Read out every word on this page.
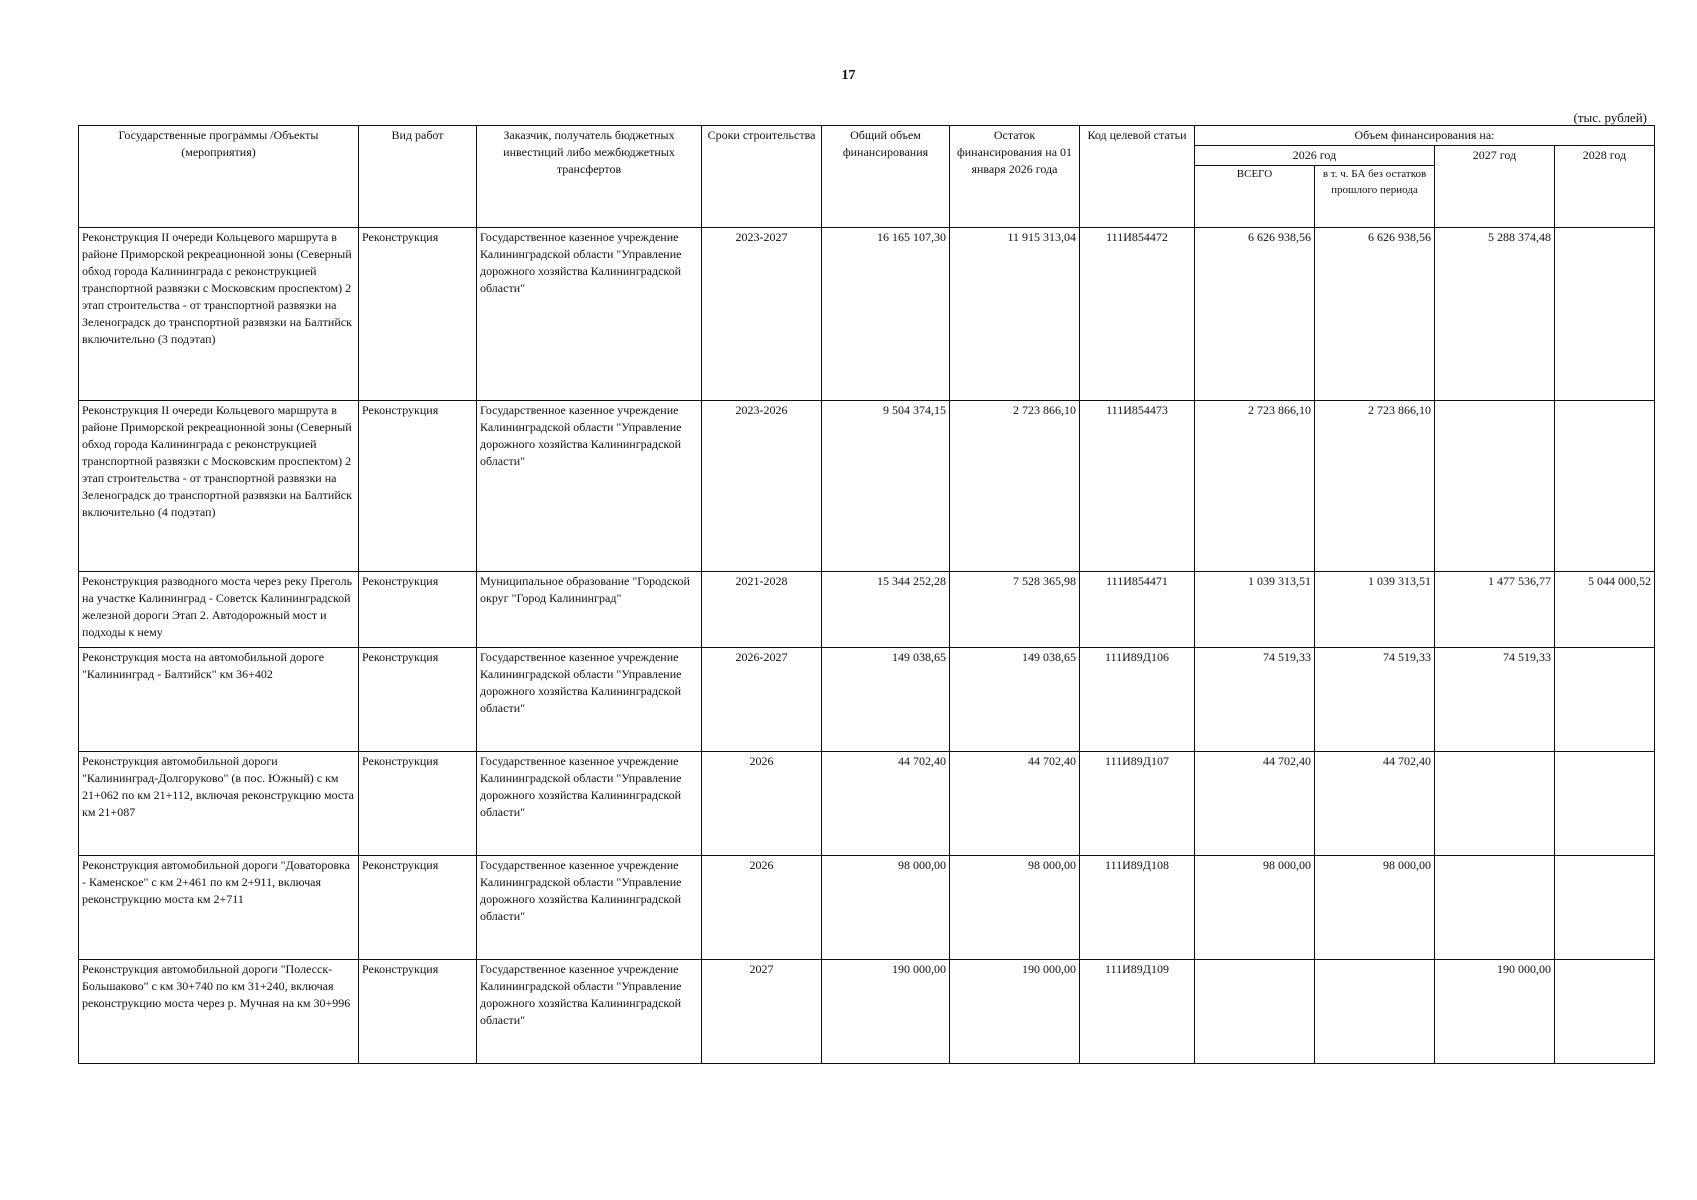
17
(тыс. рублей)
Государственные программы /Объекты (мероприятия)	Вид работ	Заказчик, получатель бюджетных инвестиций либо межбюджетных трансфертов	Сроки строительства	Общий объем финансирования	Остаток финансирования на 01 января 2026 года	Код целевой статьи	Объем финансирования на:			
							2026 год		2027 год	2028 год
							ВСЕГО	в т. ч. БА без остатков прошлого периода		
Реконструкция II очереди Кольцевого маршрута в районе Приморской рекреационной зоны (Северный обход города Калининграда с реконструкцией транспортной развязки с Московским проспектом) 2 этап строительства - от транспортной развязки на Зеленоградск до транспортной развязки на Балтийск включительно (3 подэтап)	Реконструкция	Государственное казенное учреждение Калининградской области "Управление дорожного хозяйства Калининградской области"	2023-2027	16 165 107,30	11 915 313,04	111И854472	6 626 938,56	6 626 938,56	5 288 374,48	
Реконструкция II очереди Кольцевого маршрута в районе Приморской рекреационной зоны (Северный обход города Калининграда с реконструкцией транспортной развязки с Московским проспектом) 2 этап строительства - от транспортной развязки на Зеленоградск до транспортной развязки на Балтийск включительно (4 подэтап)	Реконструкция	Государственное казенное учреждение Калининградской области "Управление дорожного хозяйства Калининградской области"	2023-2026	9 504 374,15	2 723 866,10	111И854473	2 723 866,10	2 723 866,10		
Реконструкция разводного моста через реку Преголь на участке Калининград - Советск Калининградской железной дороги Этап 2. Автодорожный мост и подходы к нему	Реконструкция	Муниципальное образование "Городской округ "Город Калининград"	2021-2028	15 344 252,28	7 528 365,98	111И854471	1 039 313,51	1 039 313,51	1 477 536,77	5 044 000,52
Реконструкция моста на автомобильной дороге "Калининград - Балтийск" км 36+402	Реконструкция	Государственное казенное учреждение Калининградской области "Управление дорожного хозяйства Калининградской области"	2026-2027	149 038,65	149 038,65	111И89Д106	74 519,33	74 519,33	74 519,33	
Реконструкция автомобильной дороги "Калининград-Долгоруково" (в пос. Южный) с км 21+062 по км 21+112, включая реконструкцию моста км 21+087	Реконструкция	Государственное казенное учреждение Калининградской области "Управление дорожного хозяйства Калининградской области"	2026	44 702,40	44 702,40	111И89Д107	44 702,40	44 702,40		
Реконструкция автомобильной дороги "Доваторовка - Каменское" с км 2+461 по км 2+911, включая реконструкцию моста км 2+711	Реконструкция	Государственное казенное учреждение Калининградской области "Управление дорожного хозяйства Калининградской области"	2026	98 000,00	98 000,00	111И89Д108	98 000,00	98 000,00		
Реконструкция автомобильной дороги "Полесск-Большаково" с км 30+740 по км 31+240, включая реконструкцию моста через р. Мучная на км 30+996	Реконструкция	Государственное казенное учреждение Калининградской области "Управление дорожного хозяйства Калининградской области"	2027	190 000,00	190 000,00	111И89Д109			190 000,00	
